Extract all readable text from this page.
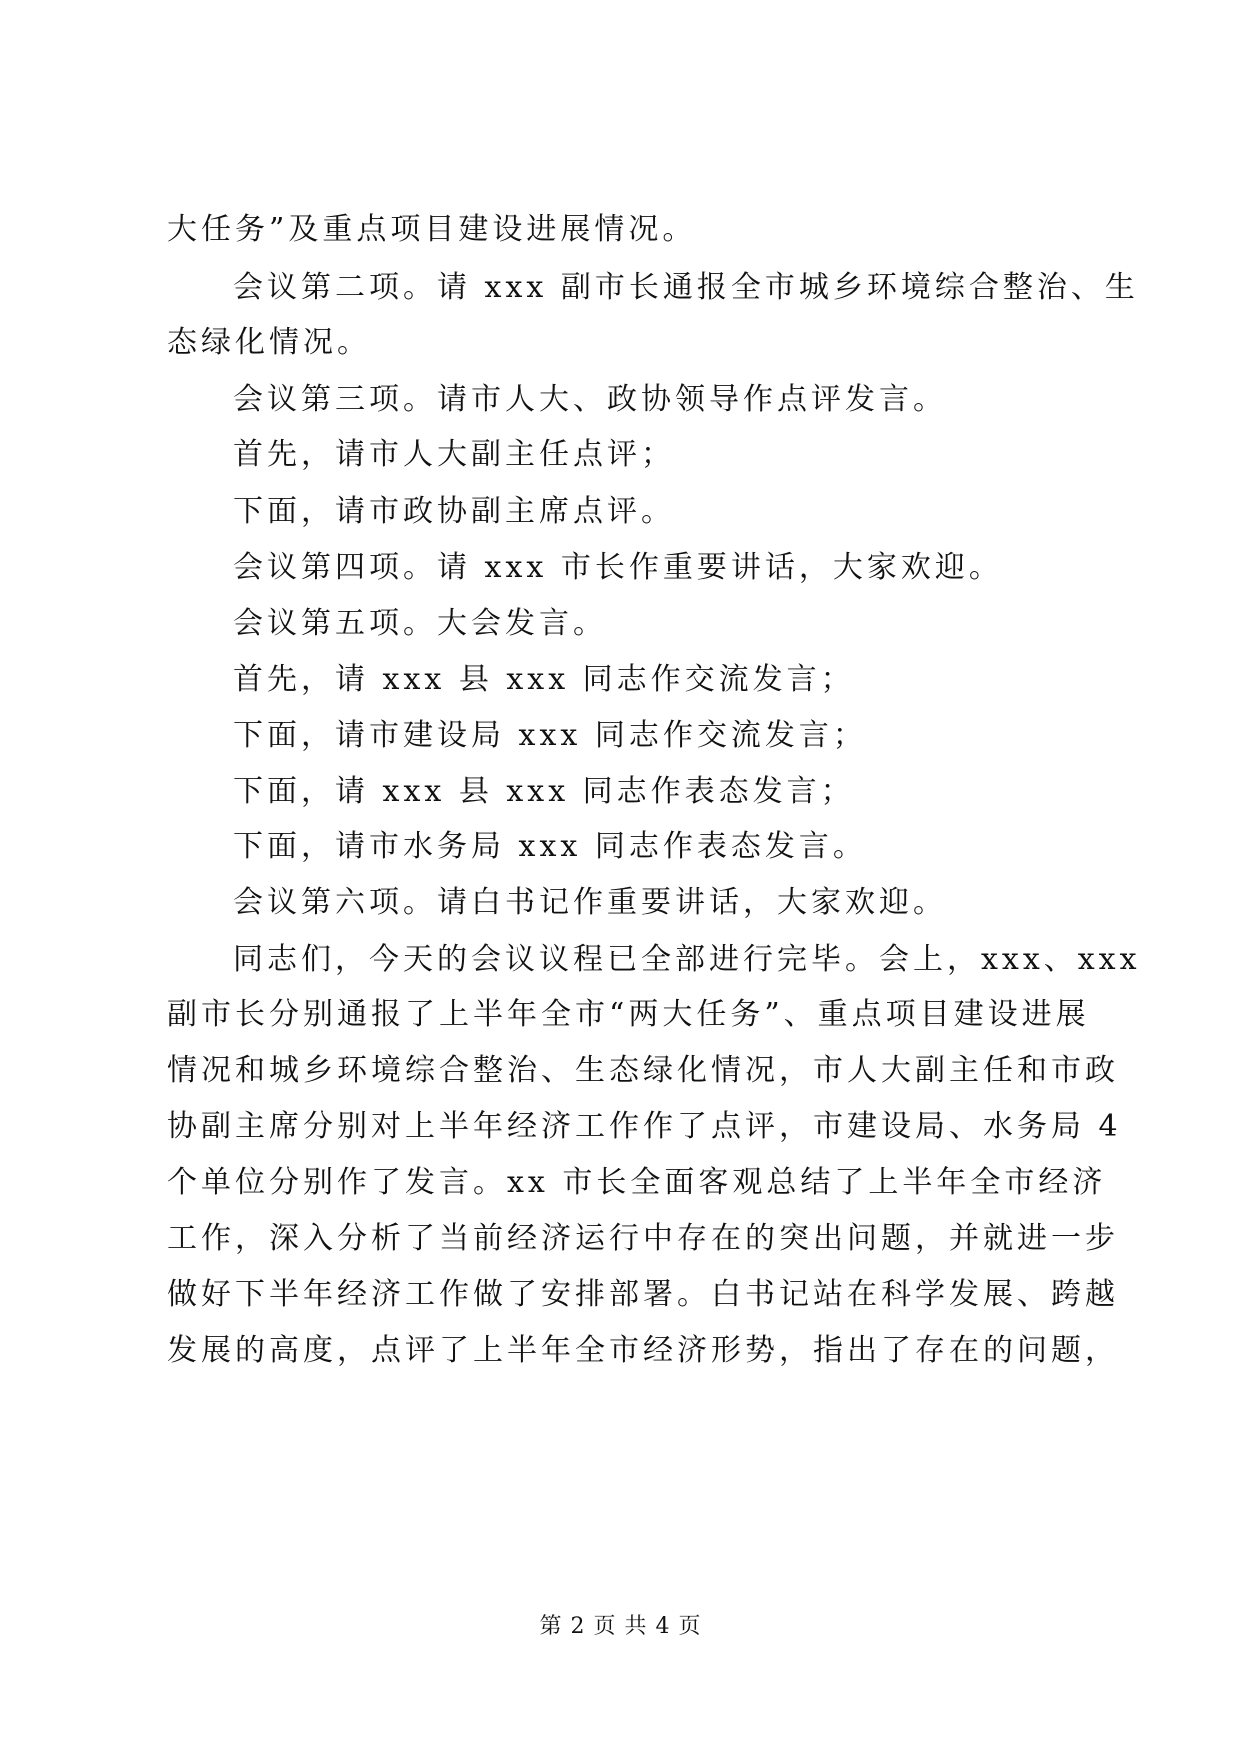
大任务”及重点项目建设进展情况。
会议第二项。请 xxx 副市长通报全市城乡环境综合整治、生
态绿化情况。
会议第三项。请市人大、政协领导作点评发言。
首先，请市人大副主任点评；
下面，请市政协副主席点评。
会议第四项。请 xxx 市长作重要讲话，大家欢迎。
会议第五项。大会发言。
首先，请 xxx 县 xxx 同志作交流发言；
下面，请市建设局 xxx 同志作交流发言；
下面，请 xxx 县 xxx 同志作表态发言；
下面，请市水务局 xxx 同志作表态发言。
会议第六项。请白书记作重要讲话，大家欢迎。
同志们，今天的会议议程已全部进行完毕。会上，xxx、xxx
副市长分别通报了上半年全市“两大任务”、重点项目建设进展
情况和城乡环境综合整治、生态绿化情况，市人大副主任和市政
协副主席分别对上半年经济工作作了点评，市建设局、水务局 4
个单位分别作了发言。xx 市长全面客观总结了上半年全市经济
工作，深入分析了当前经济运行中存在的突出问题，并就进一步
做好下半年经济工作做了安排部署。白书记站在科学发展、跨越
发展的高度，点评了上半年全市经济形势，指出了存在的问题，
第 2 页 共 4 页
